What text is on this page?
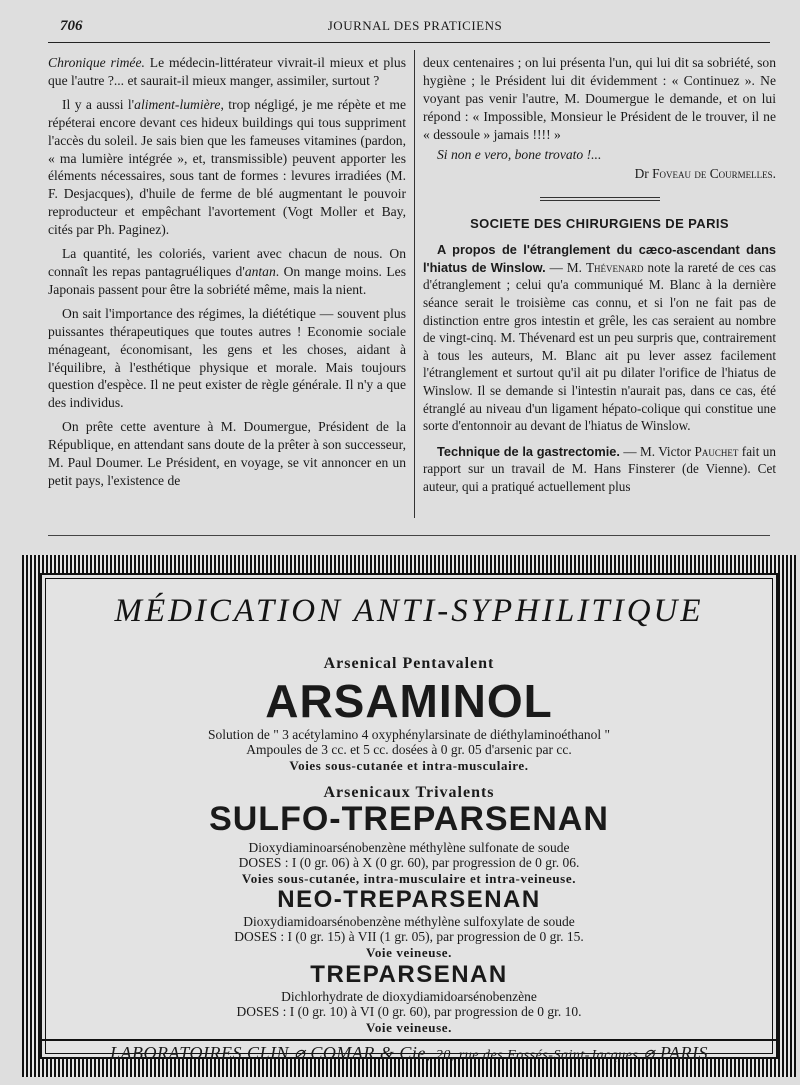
706	JOURNAL DES PRATICIENS

Chronique rimée. Le médecin-littérateur vivrait-il mieux et plus que l'autre ?... et saurait-il mieux manger, assimiler, surtout ?

Il y a aussi l'aliment-lumière, trop négligé, je me répète et me répéterai encore devant ces hideux buildings qui tous suppriment l'accès du soleil. Je sais bien que les fameuses vitamines (pardon, « ma lumière intégrée », et, transmissible) peuvent apporter les éléments nécessaires, sous tant de formes : levures irradiées (M. F. Desjacques), d'huile de ferme de blé augmentant le pouvoir reproducteur et empêchant l'avortement (Vogt Moller et Bay, cités par Ph. Paginez).

La quantité, les coloriés, varient avec chacun de nous. On connaît les repas pantagruéliques d'antan. On mange moins. Les Japonais passent pour être la sobriété même, mais la nient.

On sait l'importance des régimes, la diététique — souvent plus puissantes thérapeutiques que toutes autres ! Economie sociale ménageant, économisant, les gens et les choses, aidant à l'équilibre, à l'esthétique physique et morale. Mais toujours question d'espèce. Il ne peut exister de règle générale. Il n'y a que des individus.

On prête cette aventure à M. Doumergue, Président de la République, en attendant sans doute de la prêter à son successeur, M. Paul Doumer. Le Président, en voyage, se vit annoncer en un petit pays, l'existence de

deux centenaires ; on lui présenta l'un, qui lui dit sa sobriété, son hygiène ; le Président lui dit évidemment : « Continuez ». Ne voyant pas venir l'autre, M. Doumergue le demande, et on lui répond : « Impossible, Monsieur le Président de le trouver, il ne « dessoule » jamais !!!! »

Si non e vero, bone trovato !...

Dr Foveau de Courmelles.
SOCIETE DES CHIRURGIENS DE PARIS

A propos de l'étranglement du cæco-ascendant dans l'hiatus de Winslow. — M. Thévenard note la rareté de ces cas d'étranglement ; celui qu'a communiqué M. Blanc à la dernière séance serait le troisième cas connu, et si l'on ne fait pas de distinction entre gros intestin et grêle, les cas seraient au nombre de vingt-cinq. M. Thévenard est un peu surpris que, contrairement à tous les auteurs, M. Blanc ait pu lever assez facilement l'étranglement et surtout qu'il ait pu dilater l'orifice de l'hiatus de Winslow. Il se demande si l'intestin n'aurait pas, dans ce cas, été étranglé au niveau d'un ligament hépato-colique qui constitue une sorte d'entonnoir au devant de l'hiatus de Winslow.

Technique de la gastrectomie. — M. Victor Pauchet fait un rapport sur un travail de M. Hans Finsterer (de Vienne). Cet auteur, qui a pratiqué actuellement plus

MÉDICATION ANTI-SYPHILITIQUE
Arsenical Pentavalent
ARSAMINOL
Solution de " 3 acétylamino 4 oxyphénylarsinate de diéthylaminoéthanol "
Ampoules de 3 cc. et 5 cc. dosées à 0 gr. 05 d'arsenic par cc.
Voies sous-cutanée et intra-musculaire.
Arsenicaux Trivalents
SULFO-TREPARSENAN
Dioxydiaminoarsénobenzène méthylène sulfonate de soude
DOSES : I (0 gr. 06) à X (0 gr. 60), par progression de 0 gr. 06.
Voies sous-cutanée, intra-musculaire et intra-veineuse.
NEO-TREPARSENAN
Dioxydiamidoarsénobenzène méthylène sulfoxylate de soude
DOSES : I (0 gr. 15) à VII (1 gr. 05), par progression de 0 gr. 15.
Voie veineuse.
TREPARSENAN
Dichlorhydrate de dioxydiamidoarsénobenzène
DOSES : I (0 gr. 10) à VI (0 gr. 60), par progression de 0 gr. 10.
Voie veineuse.
LABORATOIRES CLIN ⌀ COMAR & Cie, 20, rue des Fossés-Saint-Jacques ⌀ PARIS
